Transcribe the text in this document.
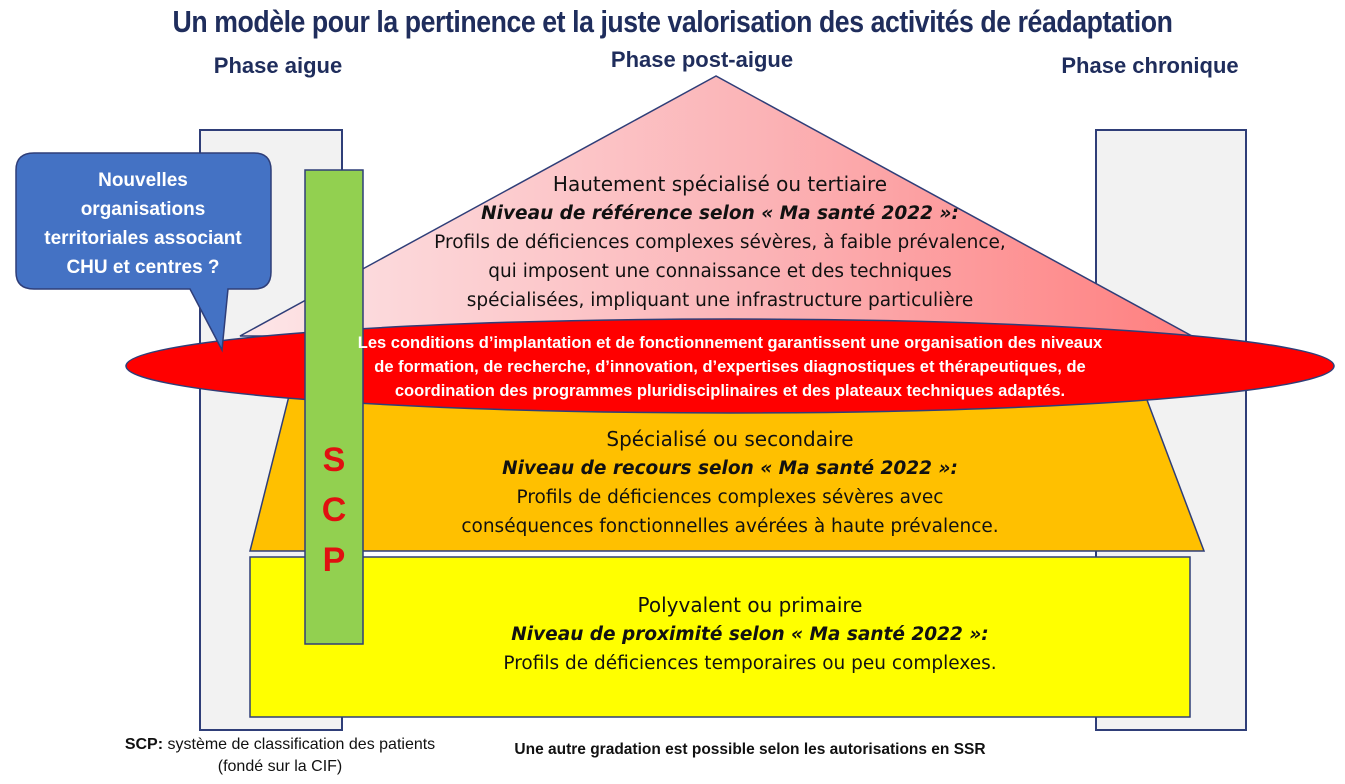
Un modèle pour la pertinence et la juste valorisation des activités de réadaptation
Phase aigue	Phase post-aigue	Phase chronique
Nouvelles
organisations
territoriales associant
CHU et centres ?
Hautement spécialisé ou tertiaire
Niveau de référence selon « Ma santé 2022 »:
Profils de déficiences complexes sévères, à faible prévalence,
qui imposent une connaissance et des techniques
spécialisées, impliquant une infrastructure particulière
Les conditions d’implantation et de fonctionnement garantissent une organisation des niveaux
de formation, de recherche, d’innovation, d’expertises diagnostiques et thérapeutiques, de
coordination des programmes pluridisciplinaires et des plateaux techniques adaptés.
Spécialisé ou secondaire
Niveau de recours selon « Ma santé 2022 »:
Profils de déficiences complexes sévères avec
conséquences fonctionnelles avérées à haute prévalence.
Polyvalent ou primaire
Niveau de proximité selon « Ma santé 2022 »:
Profils de déficiences temporaires ou peu complexes.
S
C
P
SCP: système de classification des patients
(fondé sur la CIF)
Une autre gradation est possible selon les autorisations en SSR
